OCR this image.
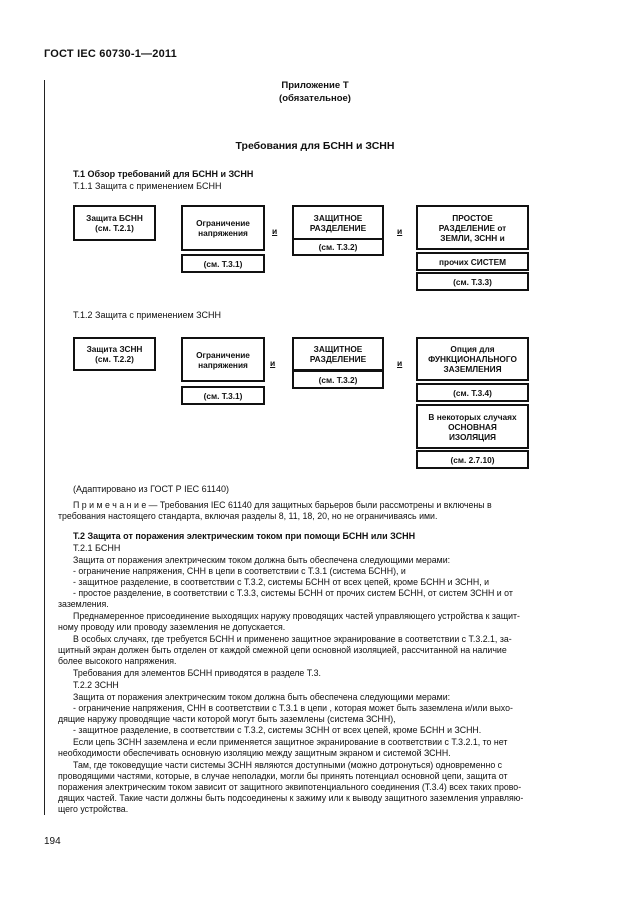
ГОСТ IEC 60730-1—2011
Приложение Т
(обязательное)
Требования для БСНН и ЗСНН
Т.1 Обзор требований для БСНН и ЗСНН
Т.1.1 Защита с применением БСНН
Защита БСНН
(см. Т.2.1)	Ограничение
напряжения
(см. Т.3.1)
и
ЗАЩИТНОЕ
РАЗДЕЛЕНИЕ
(см. Т.3.2)
и
ПРОСТОЕ
РАЗДЕЛЕНИЕ от
ЗЕМЛИ, ЗСНН и
прочих СИСТЕМ
(см. Т.3.3)
Т.1.2 Защита с применением ЗСНН
Защита ЗСНН
(см. Т.2.2)	Ограничение
напряжения
(см. Т.3.1)
и
ЗАЩИТНОЕ
РАЗДЕЛЕНИЕ
(см. Т.3.2)
и
Опция для
ФУНКЦИОНАЛЬНОГО
ЗАЗЕМЛЕНИЯ
(см. Т.3.4)
В некоторых случаях
ОСНОВНАЯ
ИЗОЛЯЦИЯ
(см. 2.7.10)
(Адаптировано из ГОСТ Р IEC 61140)
П р и м е ч а н и е — Требования IEC 61140 для защитных барьеров были рассмотрены и включены в
требования настоящего стандарта, включая разделы 8, 11, 18, 20, но не ограничиваясь ими.
Т.2 Защита от поражения электрическим током при помощи БСНН или ЗСНН
Т.2.1 БСНН
Защита от поражения электрическим током должна быть обеспечена следующими мерами:
- ограничение напряжения, СНН в цепи в соответствии с Т.3.1 (система БСНН), и
- защитное разделение, в соответствии с Т.3.2, системы БСНН от всех цепей, кроме БСНН и ЗСНН, и
- простое разделение, в соответствии с Т.3.3, системы БСНН от прочих систем БСНН, от систем ЗСНН и от
заземления.
Преднамеренное присоединение выходящих наружу проводящих частей управляющего устройства к защит-
ному проводу или проводу заземления не допускается.
В особых случаях, где требуется БСНН и применено защитное экранирование в соответствии с Т.3.2.1, за-
щитный экран должен быть отделен от каждой смежной цепи основной изоляцией, рассчитанной на наличие
более высокого напряжения.
Требования для элементов БСНН приводятся в разделе Т.3.
Т.2.2 ЗСНН
Защита от поражения электрическим током должна быть обеспечена следующими мерами:
- ограничение напряжения, СНН в соответствии с Т.3.1 в цепи , которая может быть заземлена и/или выхо-
дящие наружу проводящие части которой могут быть заземлены (система ЗСНН),
- защитное разделение, в соответствии с Т.3.2, системы ЗСНН от всех цепей, кроме БСНН и ЗСНН.
Если цепь ЗСНН заземлена и если применяется защитное экранирование в соответствии с Т.3.2.1, то нет
необходимости обеспечивать основную изоляцию между защитным экраном и системой ЗСНН.
Там, где токоведущие части системы ЗСНН являются доступными (можно дотронуться) одновременно с
проводящими частями, которые, в случае неполадки, могли бы принять потенциал основной цепи, защита от
поражения электрическим током зависит от защитного эквипотенциального соединения (Т.3.4) всех таких прово-
дящих частей. Такие части должны быть подсоединены к зажиму или к выводу защитного заземления управляю-
щего устройства.
194
